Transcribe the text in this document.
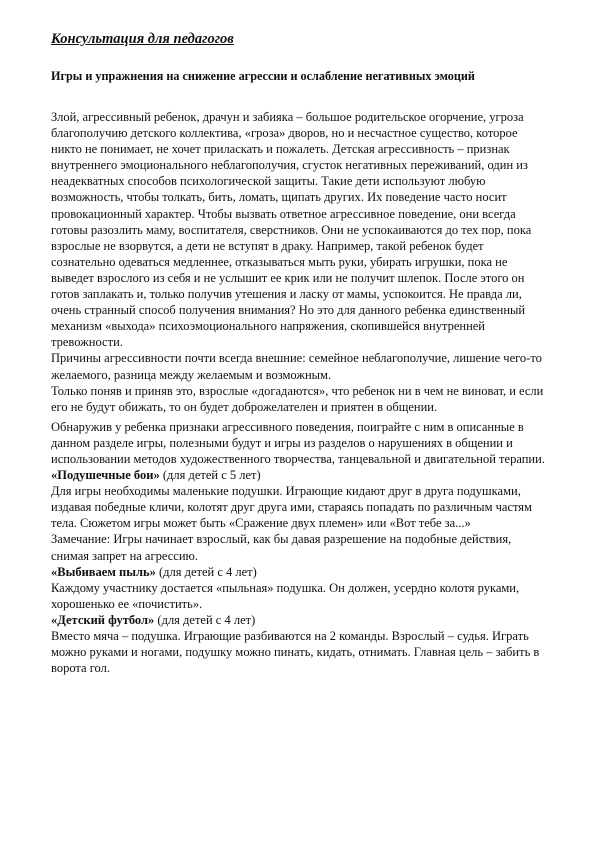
Консультация для педагогов
Игры и упражнения на снижение агрессии и ослабление негативных эмоций

Злой, агрессивный ребенок, драчун и забияка – большое родительское огорчение, угроза благополучию детского коллектива, «гроза» дворов, но и несчастное существо, которое никто не понимает, не хочет приласкать и пожалеть. Детская агрессивность – признак внутреннего эмоционального неблагополучия, сгусток негативных переживаний, один из неадекватных способов психологической защиты. Такие дети используют любую возможность, чтобы толкать, бить, ломать, щипать других. Их поведение часто носит провокационный характер. Чтобы вызвать ответное агрессивное поведение, они всегда готовы разозлить маму, воспитателя, сверстников. Они не успокаиваются до тех пор, пока взрослые не взорвутся, а дети не вступят в драку. Например, такой ребенок будет сознательно одеваться медленнее, отказываться мыть руки, убирать игрушки, пока не выведет взрослого из себя и не услышит ее крик или не получит шлепок. После этого он готов заплакать и, только получив утешения и ласку от мамы, успокоится. Не правда ли, очень странный способ получения внимания? Но это для данного ребенка единственный механизм «выхода» психоэмоционального напряжения, скопившейся внутренней тревожности.

Причины агрессивности почти всегда внешние: семейное неблагополучие, лишение чего-то желаемого, разница между желаемым и возможным.

Только поняв и приняв это, взрослые «догадаются», что ребенок ни в чем не виноват, и если его не будут обижать, то он будет доброжелателен и приятен в общении.

Обнаружив у ребенка признаки агрессивного поведения, поиграйте с ним в описанные в данном разделе игры, полезными будут и игры из разделов о нарушениях в общении и использовании методов художественного творчества, танцевальной и двигательной терапии.

«Подушечные бои» (для детей с 5 лет)

Для игры необходимы маленькие подушки. Играющие кидают друг в друга подушками, издавая победные кличи, колотят друг друга ими, стараясь попадать по различным частям тела. Сюжетом игры может быть «Сражение двух племен» или «Вот тебе за...»

Замечание: Игры начинает взрослый, как бы давая разрешение на подобные действия, снимая запрет на агрессию.

«Выбиваем пыль» (для детей с 4 лет)

Каждому участнику достается «пыльная» подушка. Он должен, усердно колотя руками, хорошенько ее «почистить».

«Детский футбол» (для детей с 4 лет)

Вместо мяча – подушка. Играющие разбиваются на 2 команды. Взрослый – судья. Играть можно руками и ногами, подушку можно пинать, кидать, отнимать. Главная цель – забить в ворота гол.
